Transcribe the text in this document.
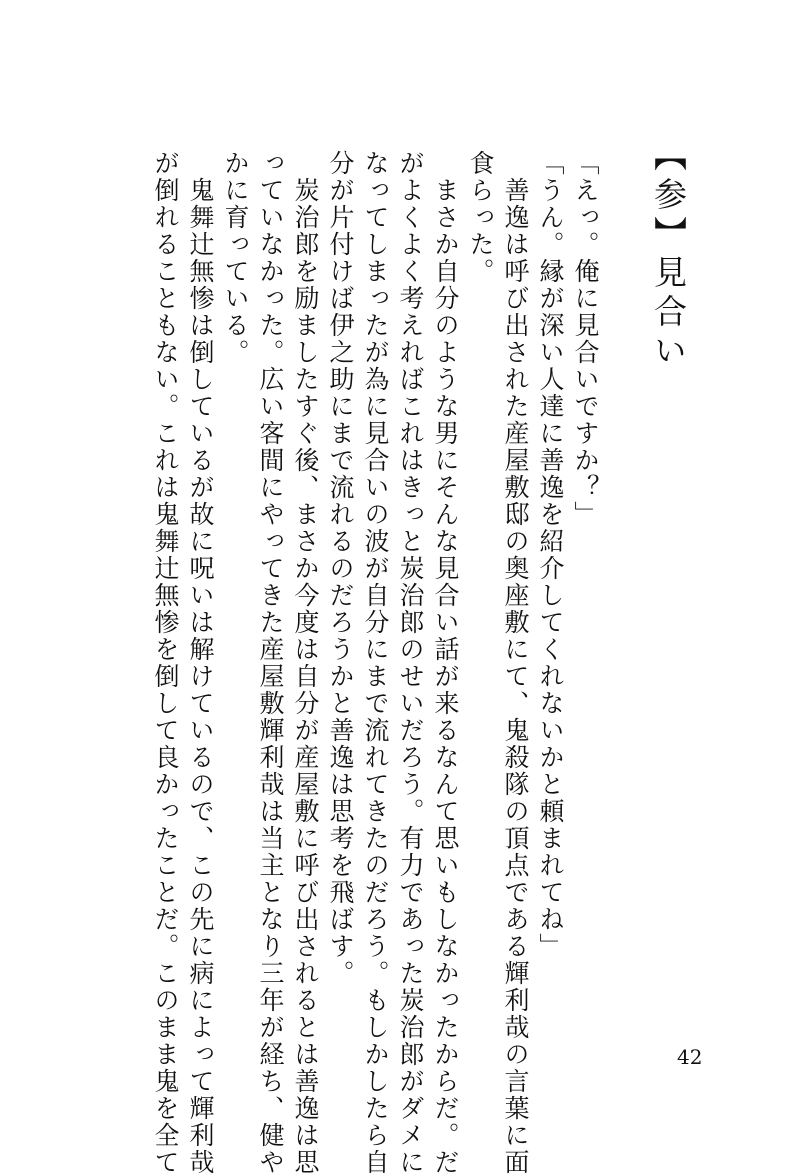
【参】見合い
「えっ。俺に見合いですか？」
「うん。縁が深い人達に善逸を紹介してくれないかと頼まれてね」
　善逸は呼び出された産屋敷邸の奥座敷にて、鬼殺隊の頂点である輝利哉の言葉に面
食らった。
　まさか自分のような男にそんな見合い話が来るなんて思いもしなかったからだ。だ
がよくよく考えればこれはきっと炭治郎のせいだろう。有力であった炭治郎がダメに
なってしまったが為に見合いの波が自分にまで流れてきたのだろう。もしかしたら自
分が片付けば伊之助にまで流れるのだろうかと善逸は思考を飛ばす。
　炭治郎を励ましたすぐ後、まさか今度は自分が産屋敷に呼び出されるとは善逸は思
っていなかった。広い客間にやってきた産屋敷輝利哉は当主となり三年が経ち、健や
かに育っている。
　鬼舞辻無惨は倒しているが故に呪いは解けているので、この先に病によって輝利哉
が倒れることもない。これは鬼舞辻無惨を倒して良かったことだ。このまま鬼を全て	42
